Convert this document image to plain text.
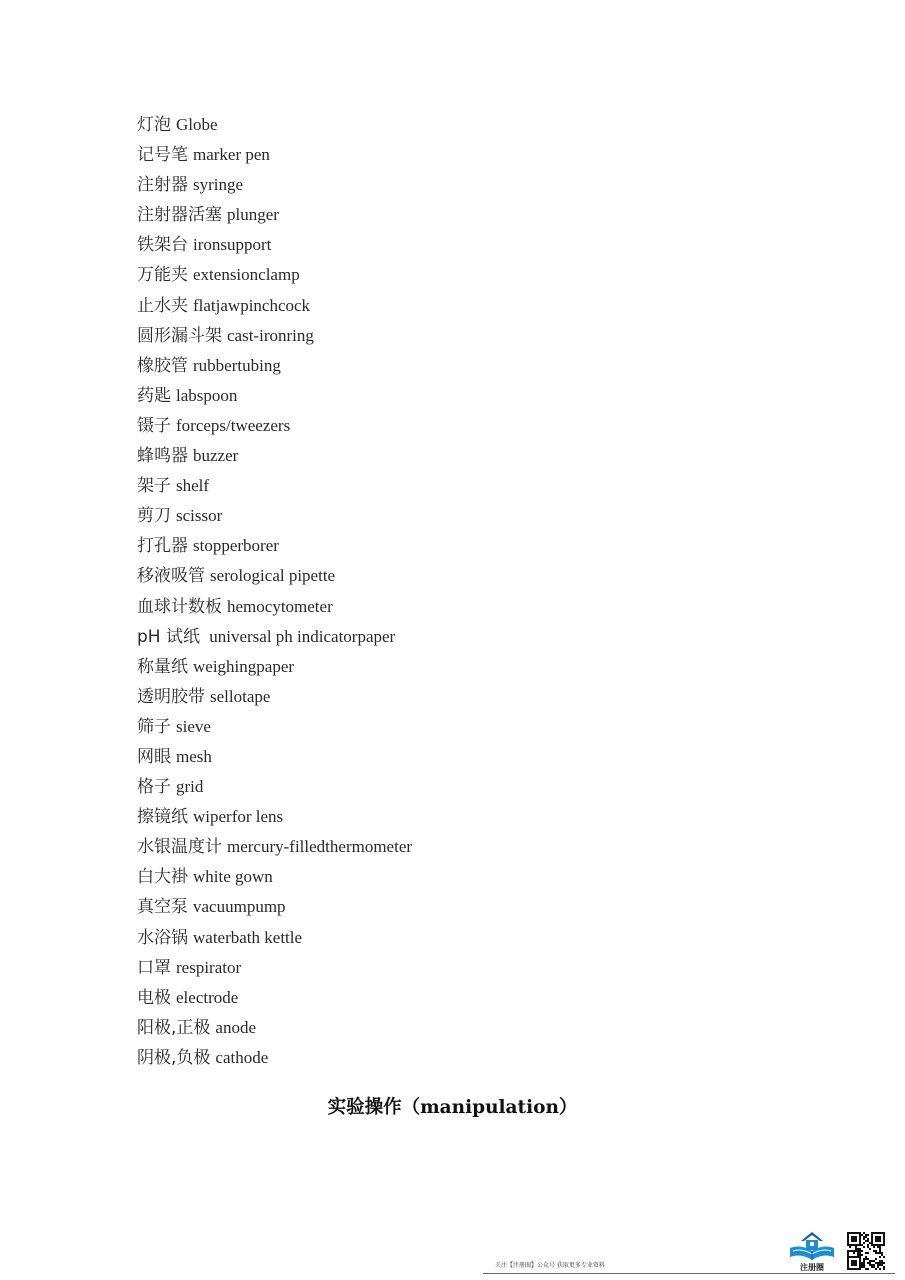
灯泡 Globe
记号笔 marker pen
注射器 syringe
注射器活塞 plunger
铁架台 ironsupport
万能夹 extensionclamp
止水夹 flatjawpinchcock
圆形漏斗架 cast-ironring
橡胶管 rubbertubing
药匙 labspoon
镊子 forceps/tweezers
蜂鸣器 buzzer
架子 shelf
剪刀 scissor
打孔器 stopperborer
移液吸管 serological pipette
血球计数板 hemocytometer
pH 试纸 universal ph indicatorpaper
称量纸 weighingpaper
透明胶带 sellotape
筛子 sieve
网眼 mesh
格子 grid
擦镜纸 wiperfor lens
水银温度计 mercury-filledthermometer
白大褂 white gown
真空泵 vacuumpump
水浴锅 waterbath kettle
口罩 respirator
电极 electrode
阳极,正极 anode
阴极,负极 cathode
实验操作（manipulation）
关注【注册圈】公众号 获取更多专业资料	注册圈
